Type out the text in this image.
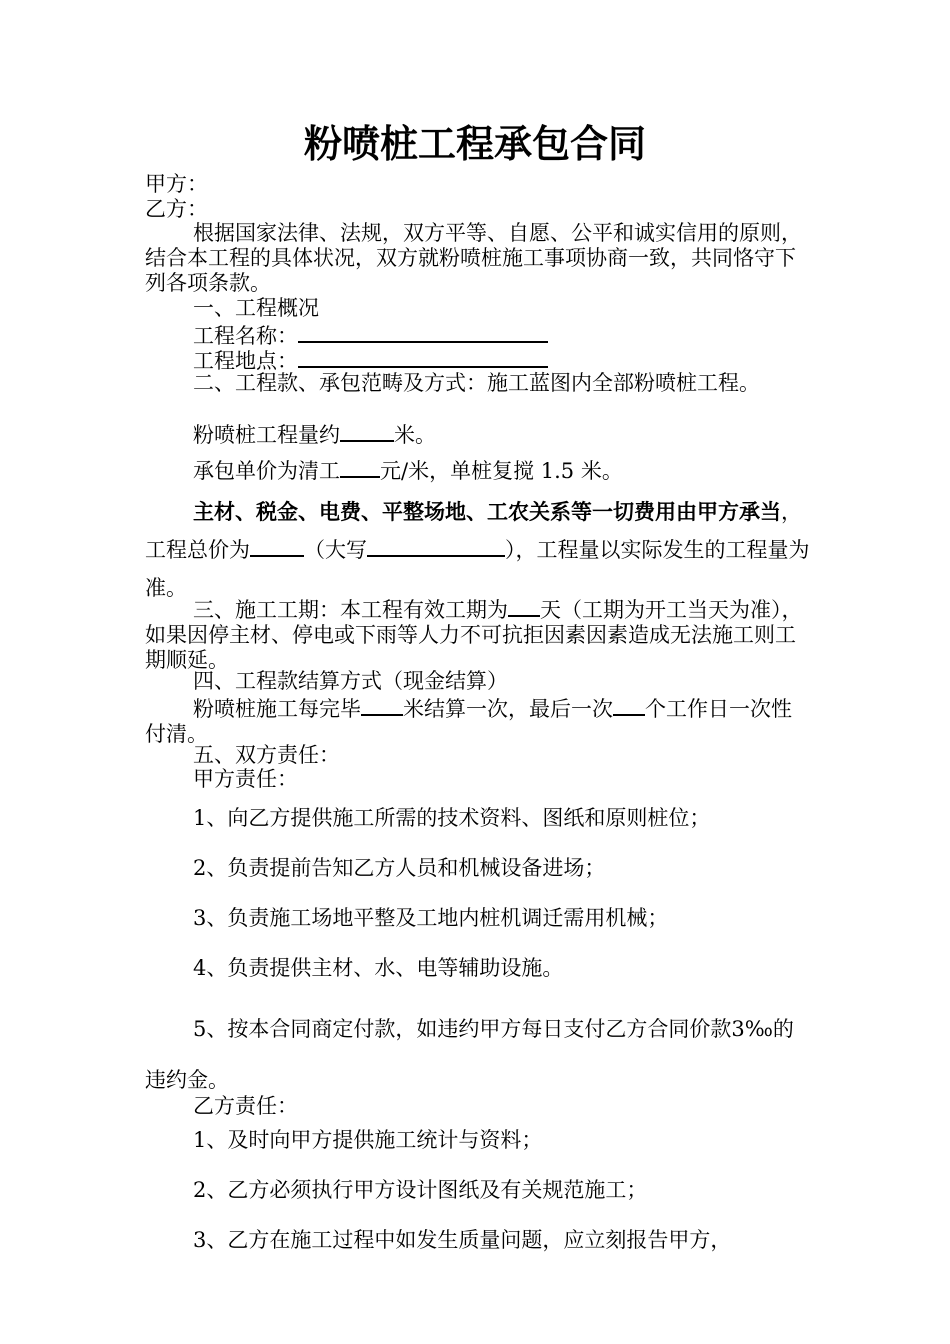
粉喷桩工程承包合同
甲方：
乙方：
根据国家法律、法规，双方平等、自愿、公平和诚实信用的原则，结合本工程的具体状况，双方就粉喷桩施工事项协商一致，共同恪守下列各项条款。
一、工程概况
工程名称：
工程地点：
二、工程款、承包范畴及方式：施工蓝图内全部粉喷桩工程。
粉喷桩工程量约	米。
承包单价为清工 元/米，单桩复搅 1.5 米。
主材、税金、电费、平整场地、工农关系等一切费用由甲方承当，工程总价为	（大写	），工程量以实际发生的工程量为准。
三、施工工期：本工程有效工期为 天（工期为开工当天为准），如果因停主材、停电或下雨等人力不可抗拒因素因素造成无法施工则工期顺延。
四、工程款结算方式（现金结算）
粉喷桩施工每完毕 米结算一次，最后一次 个工作日一次性付清。
五、双方责任：
甲方责任：
1、向乙方提供施工所需的技术资料、图纸和原则桩位；
2、负责提前告知乙方人员和机械设备进场；
3、负责施工场地平整及工地内桩机调迁需用机械；
4、负责提供主材、水、电等辅助设施。
5、按本合同商定付款，如违约甲方每日支付乙方合同价款3‰的违约金。
乙方责任：
1、及时向甲方提供施工统计与资料；
2、乙方必须执行甲方设计图纸及有关规范施工；
3、乙方在施工过程中如发生质量问题，应立刻报告甲方，
